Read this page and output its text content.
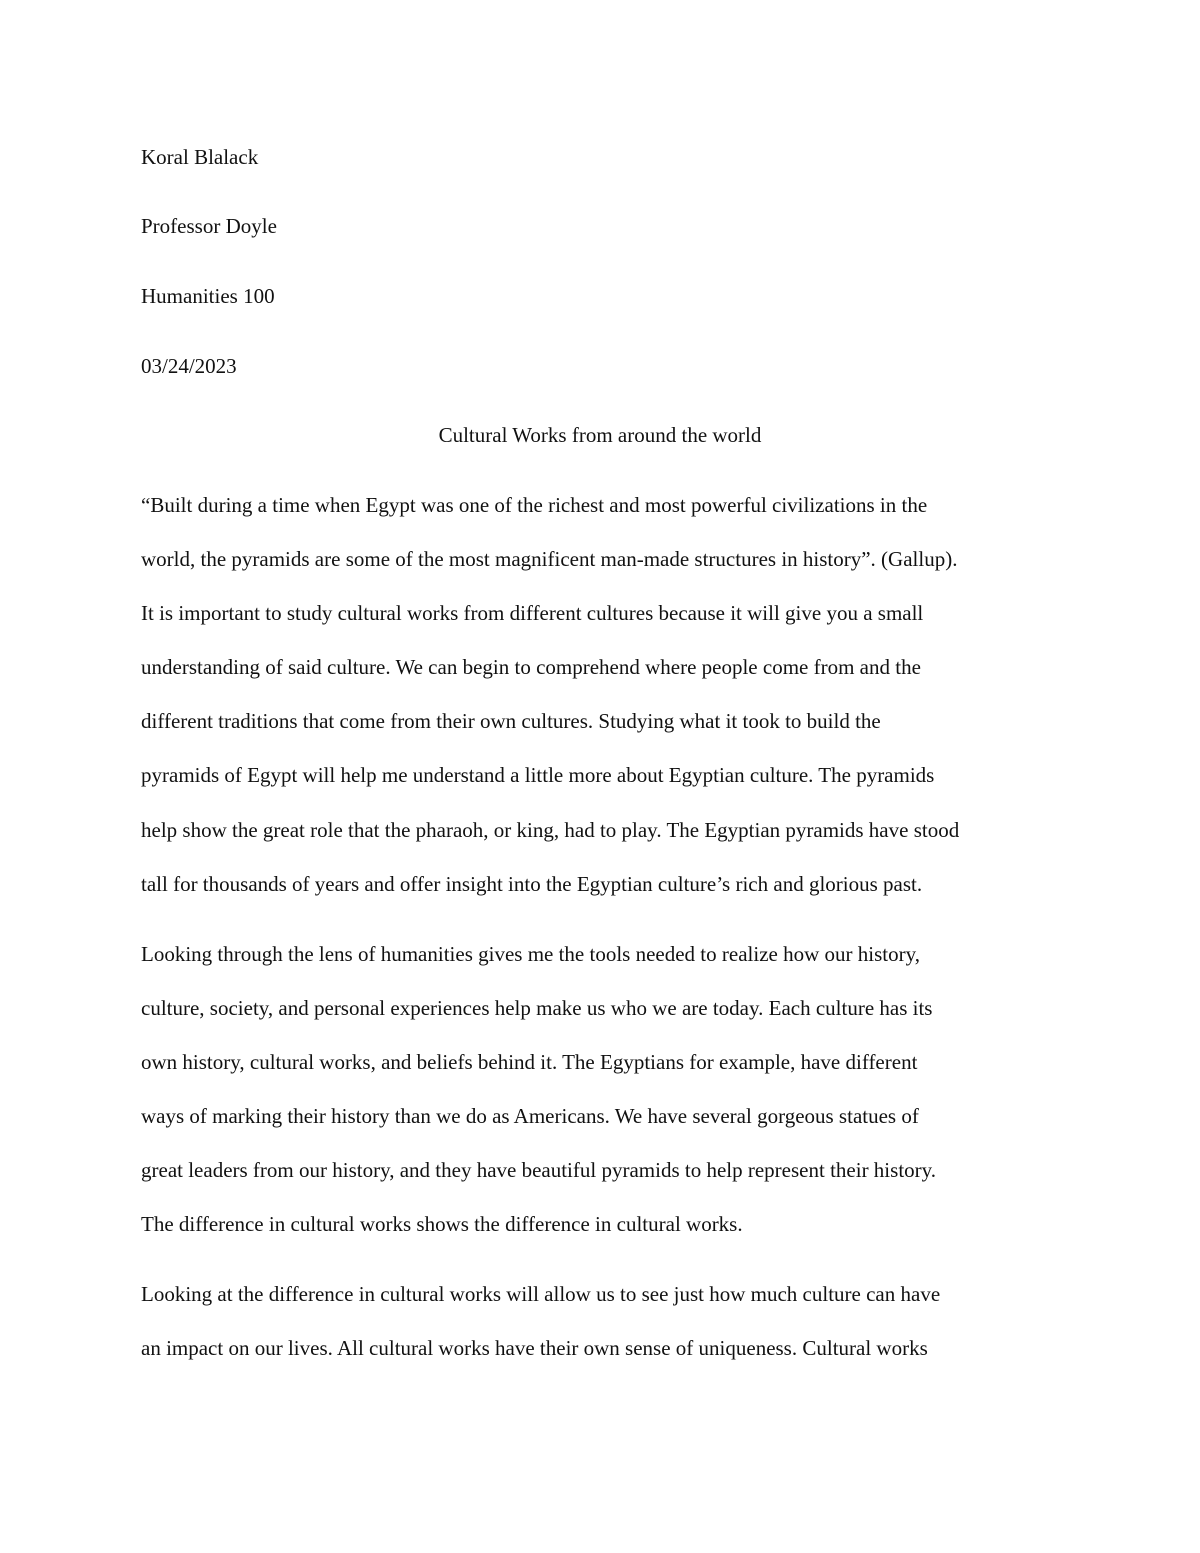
Koral Blalack
Professor Doyle
Humanities 100
03/24/2023
Cultural Works from around the world
“Built during a time when Egypt was one of the richest and most powerful civilizations in the
world, the pyramids are some of the most magnificent man-made structures in history”. (Gallup).
It is important to study cultural works from different cultures because it will give you a small
understanding of said culture. We can begin to comprehend where people come from and the
different traditions that come from their own cultures. Studying what it took to build the
pyramids of Egypt will help me understand a little more about Egyptian culture. The pyramids
help show the great role that the pharaoh, or king, had to play. The Egyptian pyramids have stood
tall for thousands of years and offer insight into the Egyptian culture’s rich and glorious past.
Looking through the lens of humanities gives me the tools needed to realize how our history,
culture, society, and personal experiences help make us who we are today. Each culture has its
own history, cultural works, and beliefs behind it. The Egyptians for example, have different
ways of marking their history than we do as Americans. We have several gorgeous statues of
great leaders from our history, and they have beautiful pyramids to help represent their history.
The difference in cultural works shows the difference in cultural works.
Looking at the difference in cultural works will allow us to see just how much culture can have
an impact on our lives. All cultural works have their own sense of uniqueness. Cultural works
